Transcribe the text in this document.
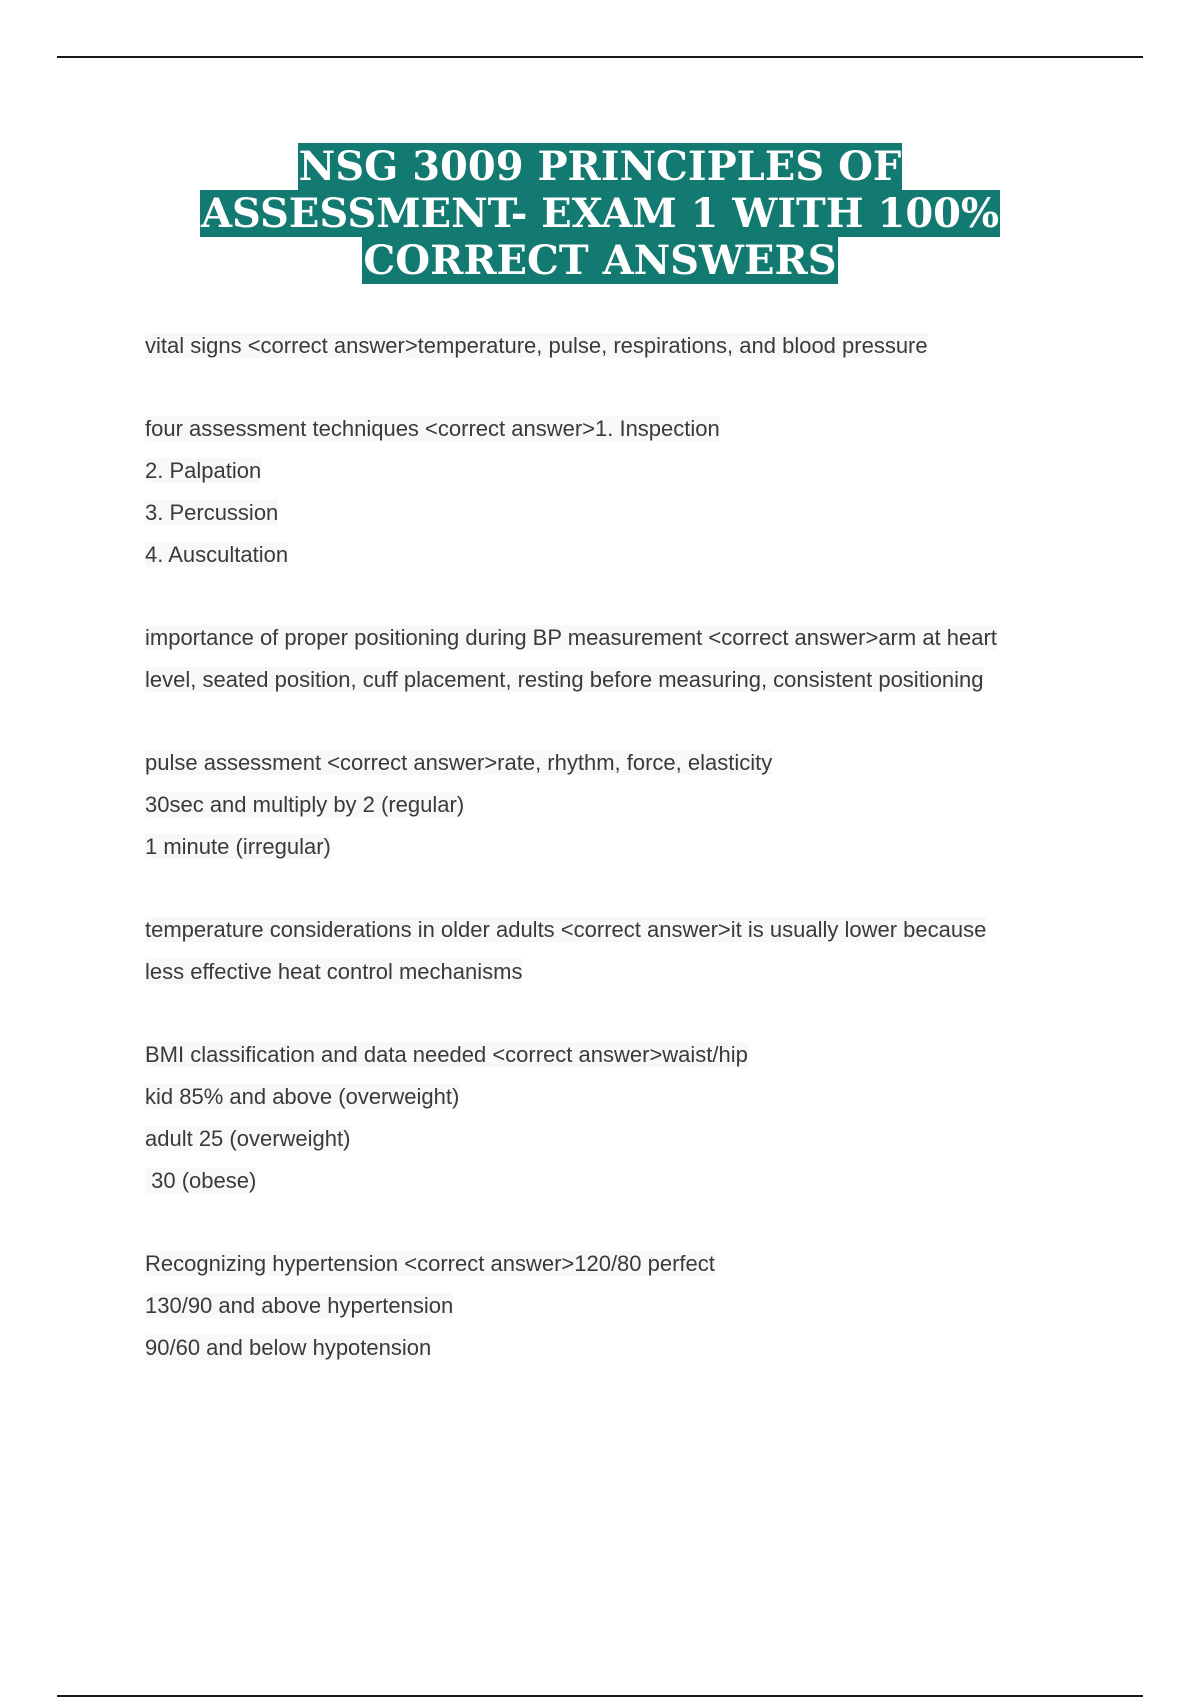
NSG 3009 PRINCIPLES OF
ASSESSMENT- EXAM 1 WITH 100%
CORRECT ANSWERS
vital signs <correct answer>temperature, pulse, respirations, and blood pressure
four assessment techniques <correct answer>1. Inspection
2. Palpation
3. Percussion
4. Auscultation
importance of proper positioning during BP measurement <correct answer>arm at heart
level, seated position, cuff placement, resting before measuring, consistent positioning
pulse assessment <correct answer>rate, rhythm, force, elasticity
30sec and multiply by 2 (regular)
1 minute (irregular)
temperature considerations in older adults <correct answer>it is usually lower because
less effective heat control mechanisms
BMI classification and data needed <correct answer>waist/hip
kid 85% and above (overweight)
adult 25 (overweight)
30 (obese)
Recognizing hypertension <correct answer>120/80 perfect
130/90 and above hypertension
90/60 and below hypotension
